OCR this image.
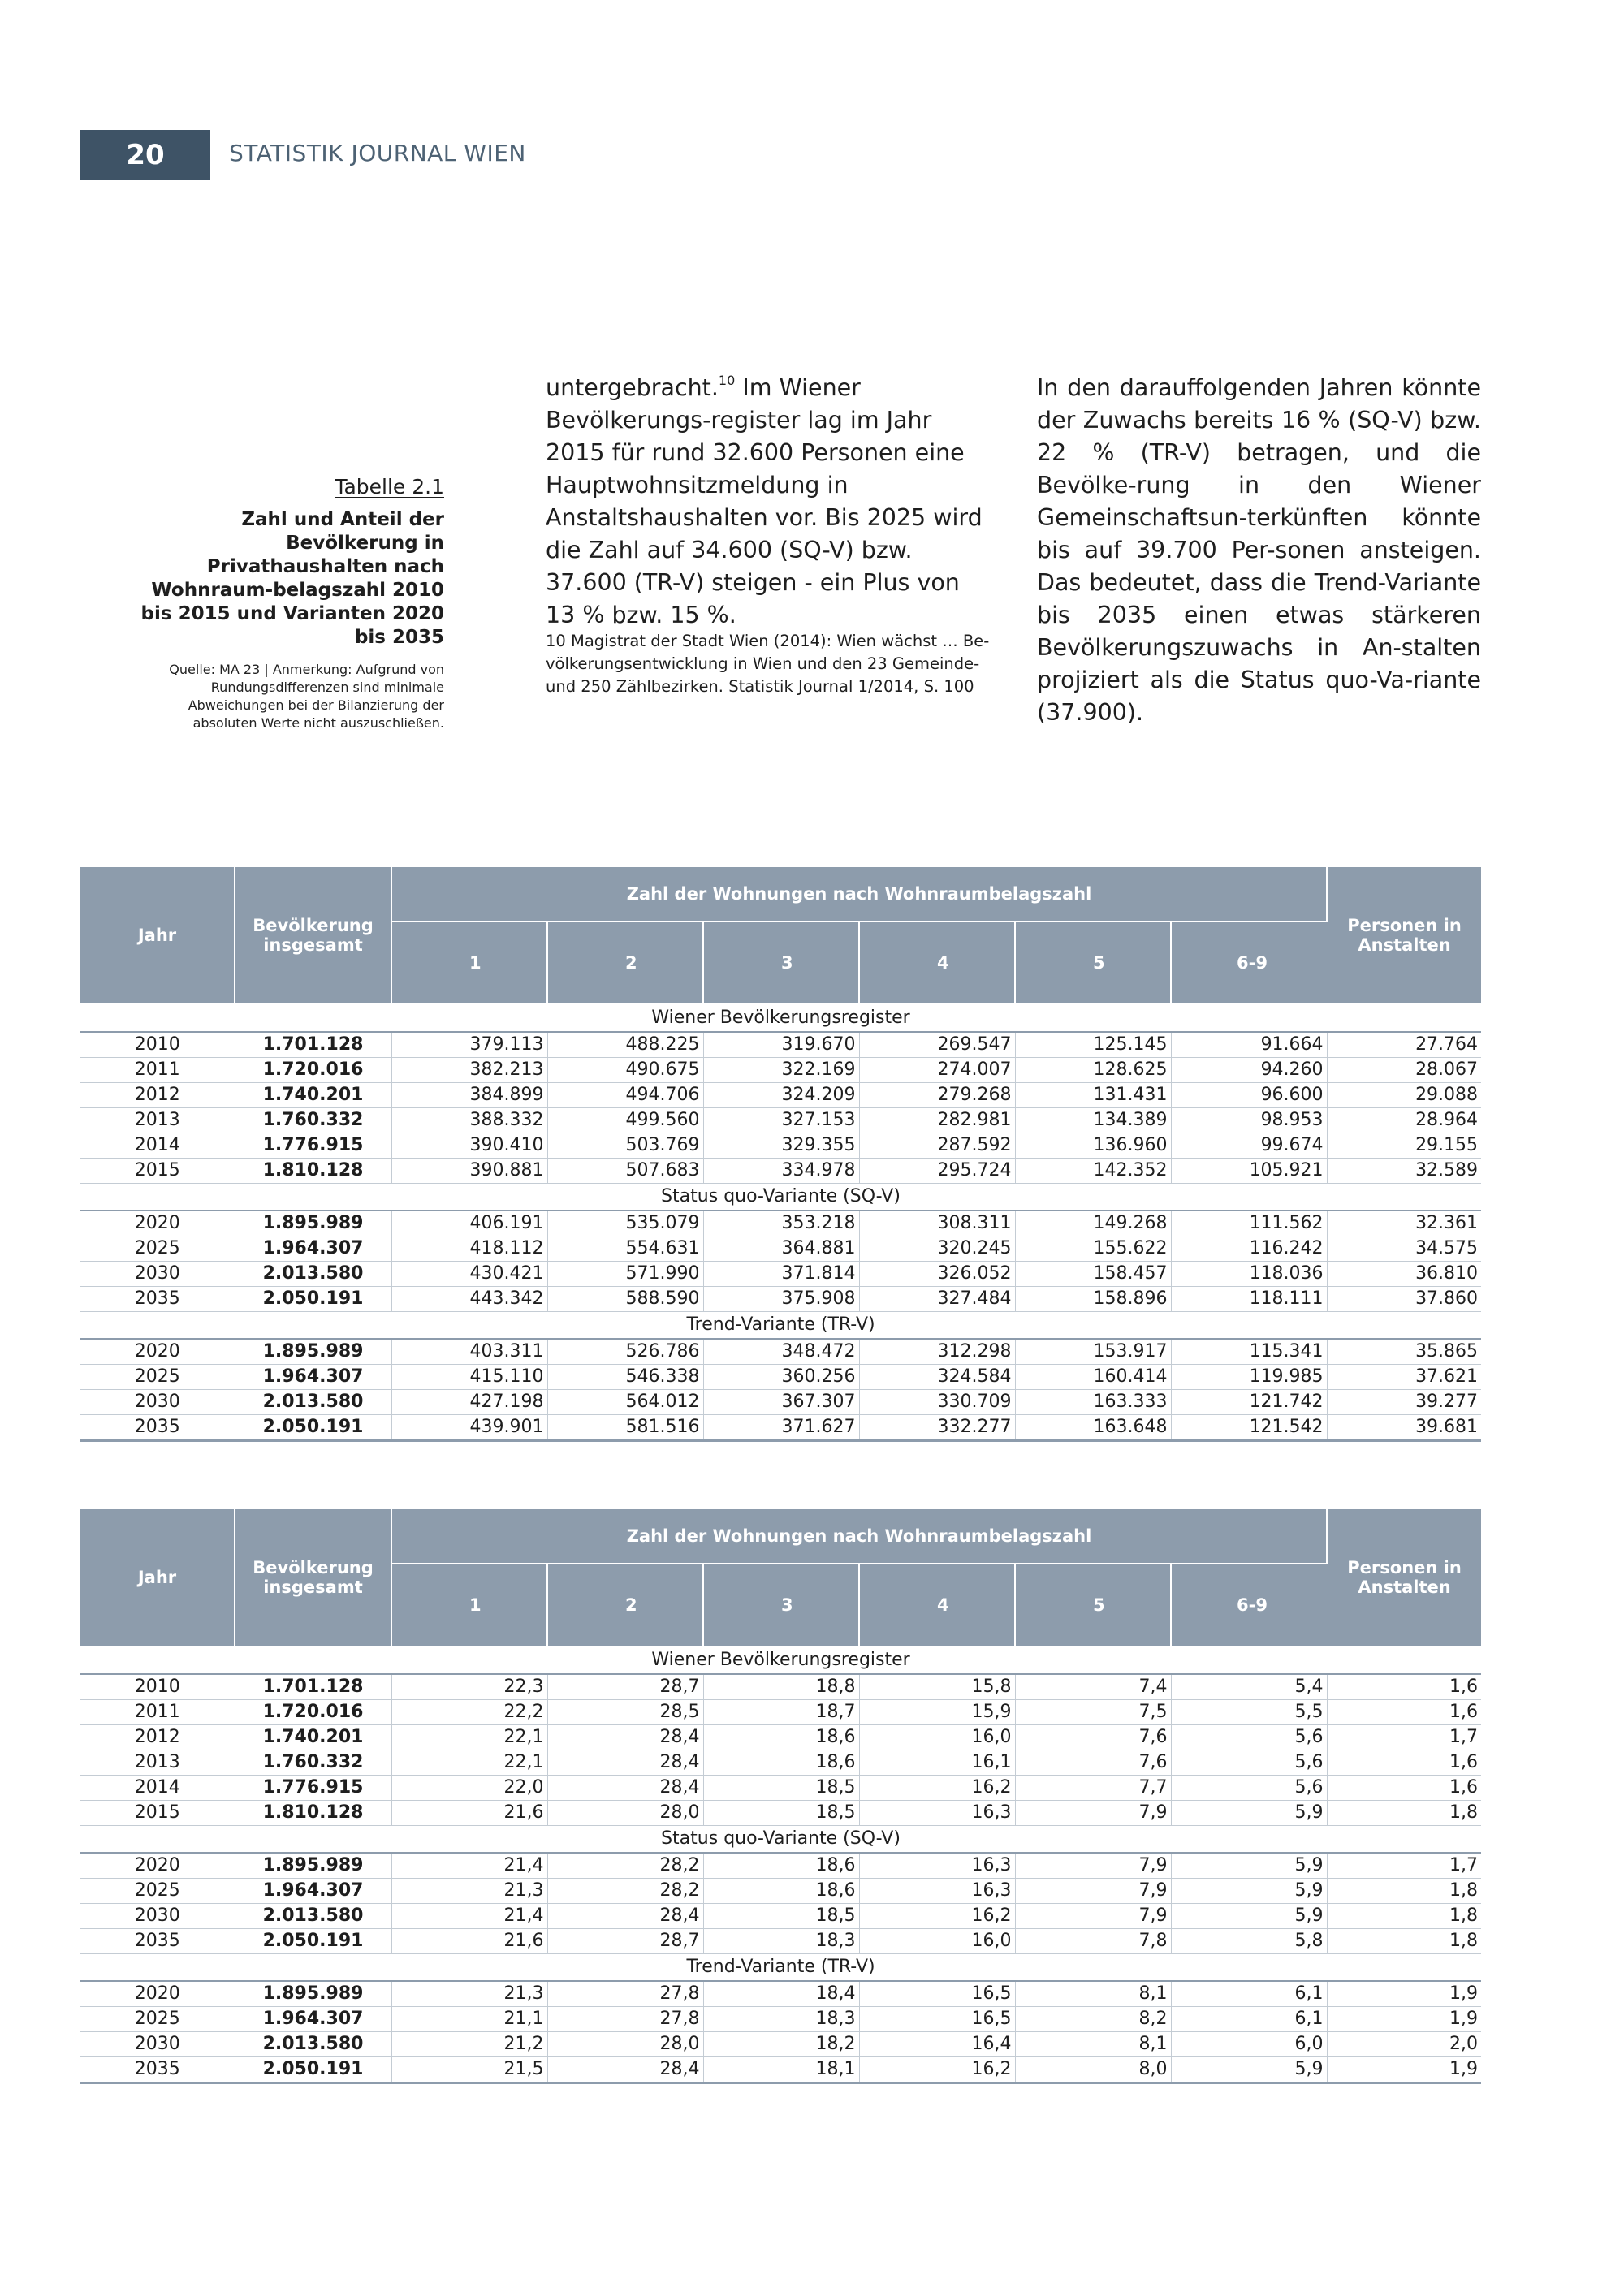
20	STATISTIK JOURNAL WIEN
Tabelle 2.1
Zahl und Anteil der Bevölkerung in Privathaushalten nach Wohnraum-belagszahl 2010 bis 2015 und Varianten 2020 bis 2035
Quelle: MA 23 | Anmerkung: Aufgrund von Rundungsdifferenzen sind minimale Abweichungen bei der Bilanzierung der absoluten Werte nicht auszuschließen.
untergebracht.$^{10}$ Im Wiener Bevölkerungs-register lag im Jahr 2015 für rund 32.600 Personen eine Hauptwohnsitzmeldung in Anstaltshaushalten vor. Bis 2025 wird die Zahl auf 34.600 (SQ-V) bzw. 37.600 (TR-V) steigen - ein Plus von 13 % bzw. 15 %.
10 Magistrat der Stadt Wien (2014): Wien wächst … Be-völkerungsentwicklung in Wien und den 23 Gemeinde-und 250 Zählbezirken. Statistik Journal 1/2014, S. 100
In den darauffolgenden Jahren könnte der Zuwachs bereits 16 % (SQ-V) bzw. 22 % (TR-V) betragen, und die Bevölke-rung in den Wiener Gemeinschaftsun-terkünften könnte bis auf 39.700 Per-sonen ansteigen. Das bedeutet, dass die Trend-Variante bis 2035 einen etwas stärkeren Bevölkerungszuwachs in An-stalten projiziert als die Status quo-Va-riante (37.900).
Jahr	Bevölkerung insgesamt	Zahl der Wohnungen nach Wohnraumbelagszahl						Personen in Anstalten
		1	2	3	4	5	6-9	
Wiener Bevölkerungsregister								
2010	1.701.128	379.113	488.225	319.670	269.547	125.145	91.664	27.764
2011	1.720.016	382.213	490.675	322.169	274.007	128.625	94.260	28.067
2012	1.740.201	384.899	494.706	324.209	279.268	131.431	96.600	29.088
2013	1.760.332	388.332	499.560	327.153	282.981	134.389	98.953	28.964
2014	1.776.915	390.410	503.769	329.355	287.592	136.960	99.674	29.155
2015	1.810.128	390.881	507.683	334.978	295.724	142.352	105.921	32.589
Status quo-Variante (SQ-V)								
2020	1.895.989	406.191	535.079	353.218	308.311	149.268	111.562	32.361
2025	1.964.307	418.112	554.631	364.881	320.245	155.622	116.242	34.575
2030	2.013.580	430.421	571.990	371.814	326.052	158.457	118.036	36.810
2035	2.050.191	443.342	588.590	375.908	327.484	158.896	118.111	37.860
Trend-Variante (TR-V)								
2020	1.895.989	403.311	526.786	348.472	312.298	153.917	115.341	35.865
2025	1.964.307	415.110	546.338	360.256	324.584	160.414	119.985	37.621
2030	2.013.580	427.198	564.012	367.307	330.709	163.333	121.742	39.277
2035	2.050.191	439.901	581.516	371.627	332.277	163.648	121.542	39.681
Jahr	Bevölkerung insgesamt	Zahl der Wohnungen nach Wohnraumbelagszahl						Personen in Anstalten
		1	2	3	4	5	6-9	
Wiener Bevölkerungsregister								
2010	1.701.128	22,3	28,7	18,8	15,8	7,4	5,4	1,6
2011	1.720.016	22,2	28,5	18,7	15,9	7,5	5,5	1,6
2012	1.740.201	22,1	28,4	18,6	16,0	7,6	5,6	1,7
2013	1.760.332	22,1	28,4	18,6	16,1	7,6	5,6	1,6
2014	1.776.915	22,0	28,4	18,5	16,2	7,7	5,6	1,6
2015	1.810.128	21,6	28,0	18,5	16,3	7,9	5,9	1,8
Status quo-Variante (SQ-V)								
2020	1.895.989	21,4	28,2	18,6	16,3	7,9	5,9	1,7
2025	1.964.307	21,3	28,2	18,6	16,3	7,9	5,9	1,8
2030	2.013.580	21,4	28,4	18,5	16,2	7,9	5,9	1,8
2035	2.050.191	21,6	28,7	18,3	16,0	7,8	5,8	1,8
Trend-Variante (TR-V)								
2020	1.895.989	21,3	27,8	18,4	16,5	8,1	6,1	1,9
2025	1.964.307	21,1	27,8	18,3	16,5	8,2	6,1	1,9
2030	2.013.580	21,2	28,0	18,2	16,4	8,1	6,0	2,0
2035	2.050.191	21,5	28,4	18,1	16,2	8,0	5,9	1,9
